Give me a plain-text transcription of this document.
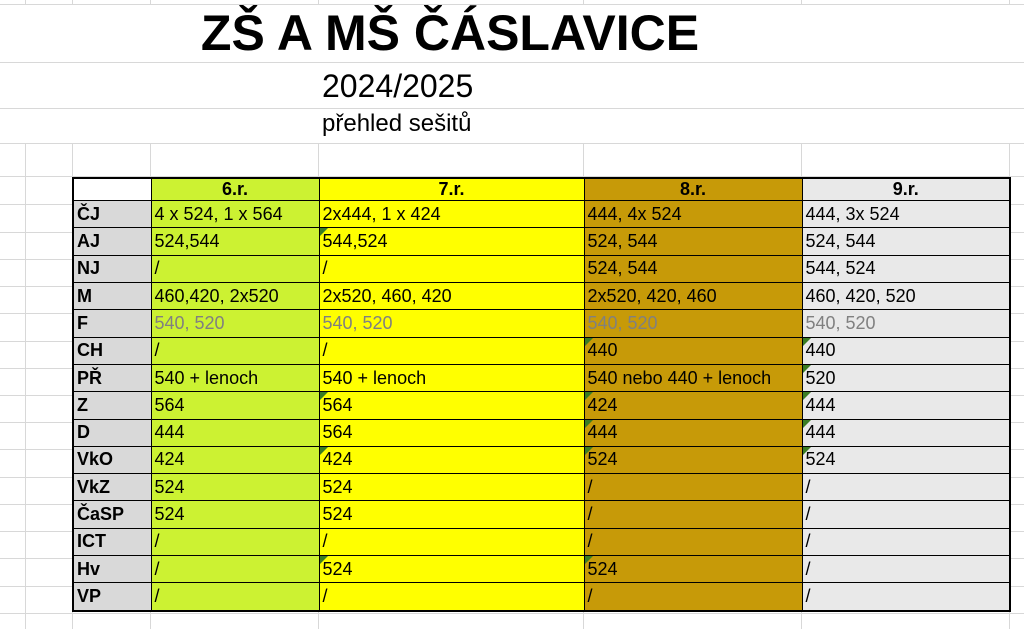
ZŠ A MŠ ČÁSLAVICE
2024/2025
přehled sešitů
	6.r.	7.r.	8.r.	9.r.
ČJ	4 x 524, 1 x 564	2x444, 1 x 424	444, 4x 524	444, 3x 524
AJ	524,544	544,524	524, 544	524, 544
NJ	/	/	524, 544	544, 524
M	460,420, 2x520	2x520, 460, 420	2x520, 420, 460	460, 420, 520
F	540, 520	540, 520	540, 520	540, 520
CH	/	/	440	440

PŘ	540 + lenoch	540 + lenoch	540 nebo 440 + lenoch	520

Z	564	564	424	444

D	444	564	444	444

VkO	424	424	524	524

VkZ	524	524	/	/
ČaSP	524	524	/	/
ICT	/	/	/	/
Hv	/	524	524	/
VP	/	/	/	/
